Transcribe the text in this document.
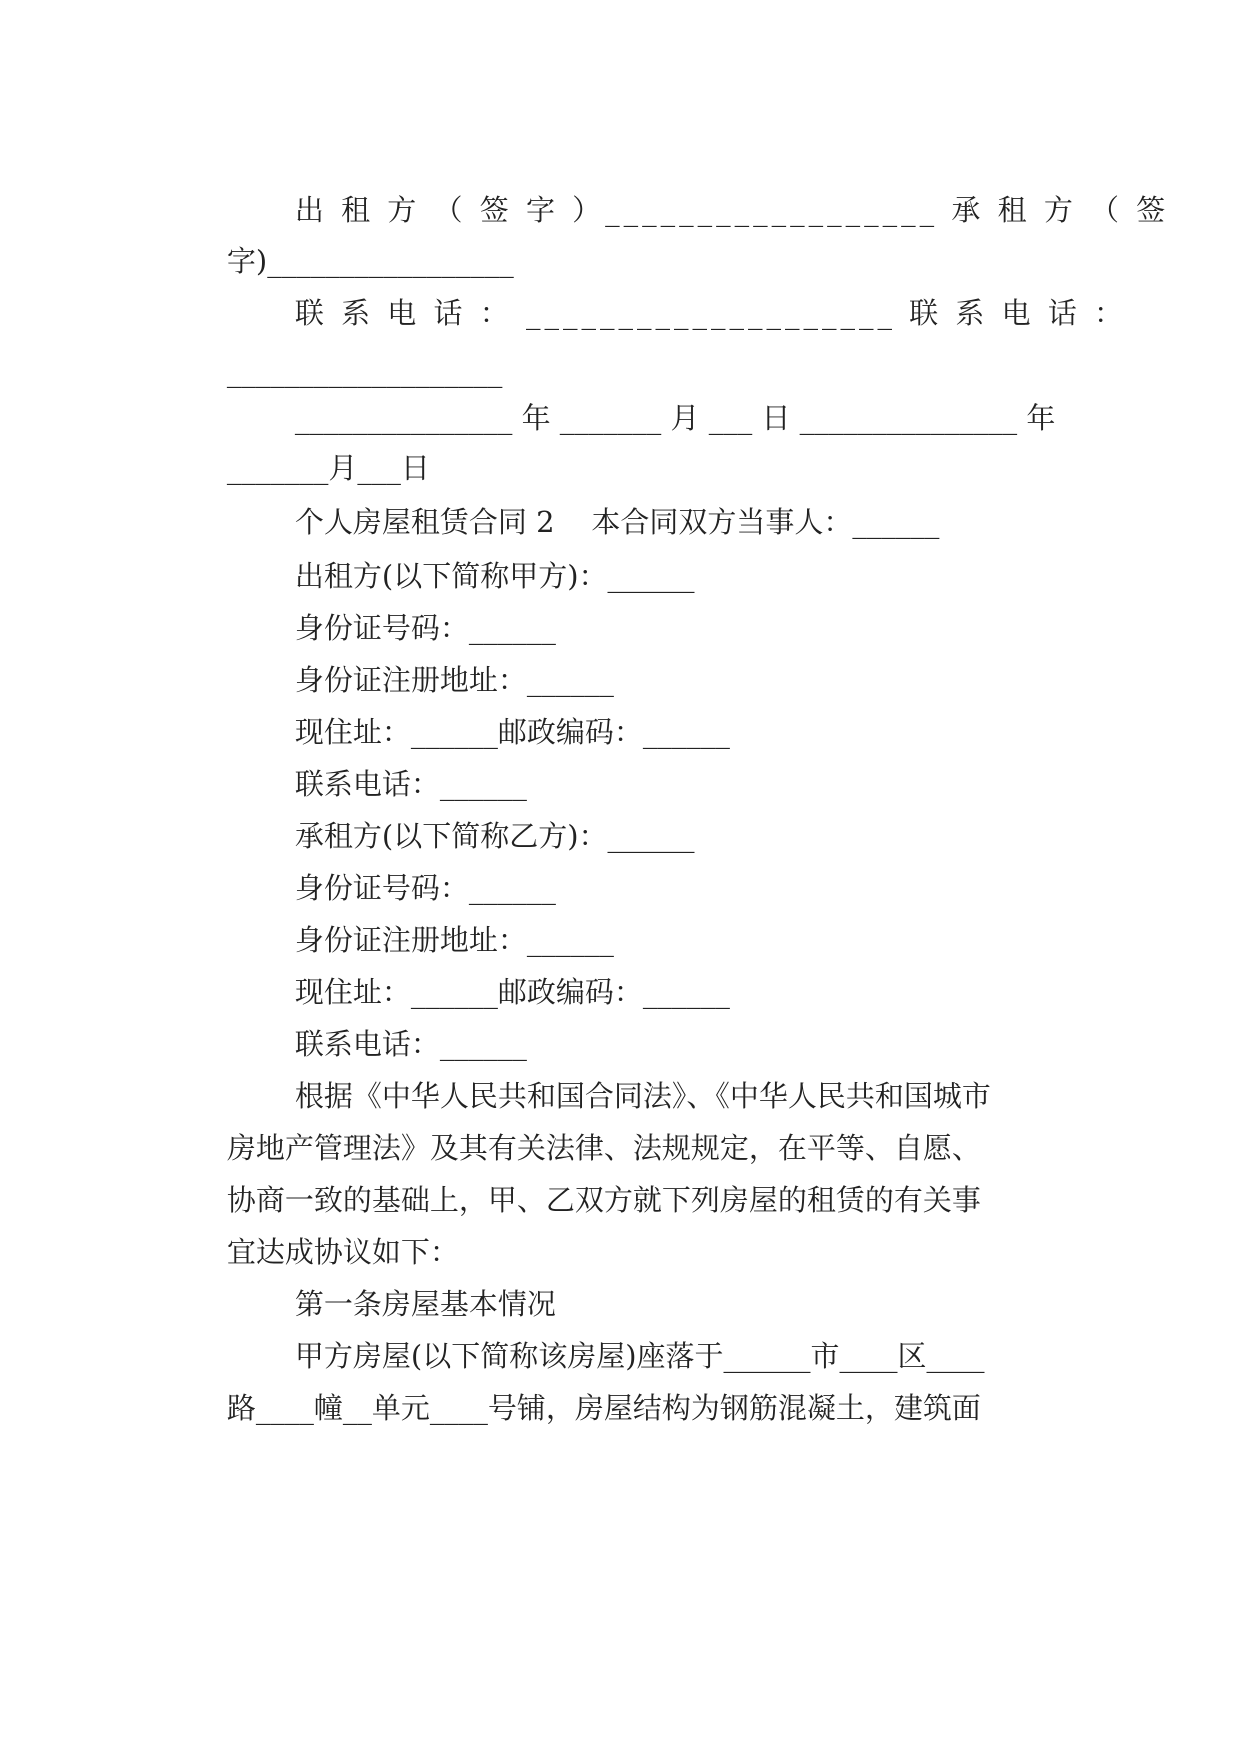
出 租 方 （ 签 字 ）__________________ 承 租 方 （ 签

字)_________________

联 系 电 话 ： ____________________ 联 系 电 话 ：

___________________

_______________ 年 _______ 月 ___ 日 _______________ 年

_______月___日

个人房屋租赁合同 2    本合同双方当事人：______

出租方(以下简称甲方)：______

身份证号码：______

身份证注册地址：______

现住址：______邮政编码：______

联系电话：______

承租方(以下简称乙方)：______

身份证号码：______

身份证注册地址：______

现住址：______邮政编码：______

联系电话：______

根据《中华人民共和国合同法》、《中华人民共和国城市

房地产管理法》及其有关法律、法规规定，在平等、自愿、

协商一致的基础上，甲、乙双方就下列房屋的租赁的有关事

宜达成协议如下：

第一条房屋基本情况

甲方房屋(以下简称该房屋)座落于______市____区____

路____幢__单元____号铺，房屋结构为钢筋混凝土，建筑面
